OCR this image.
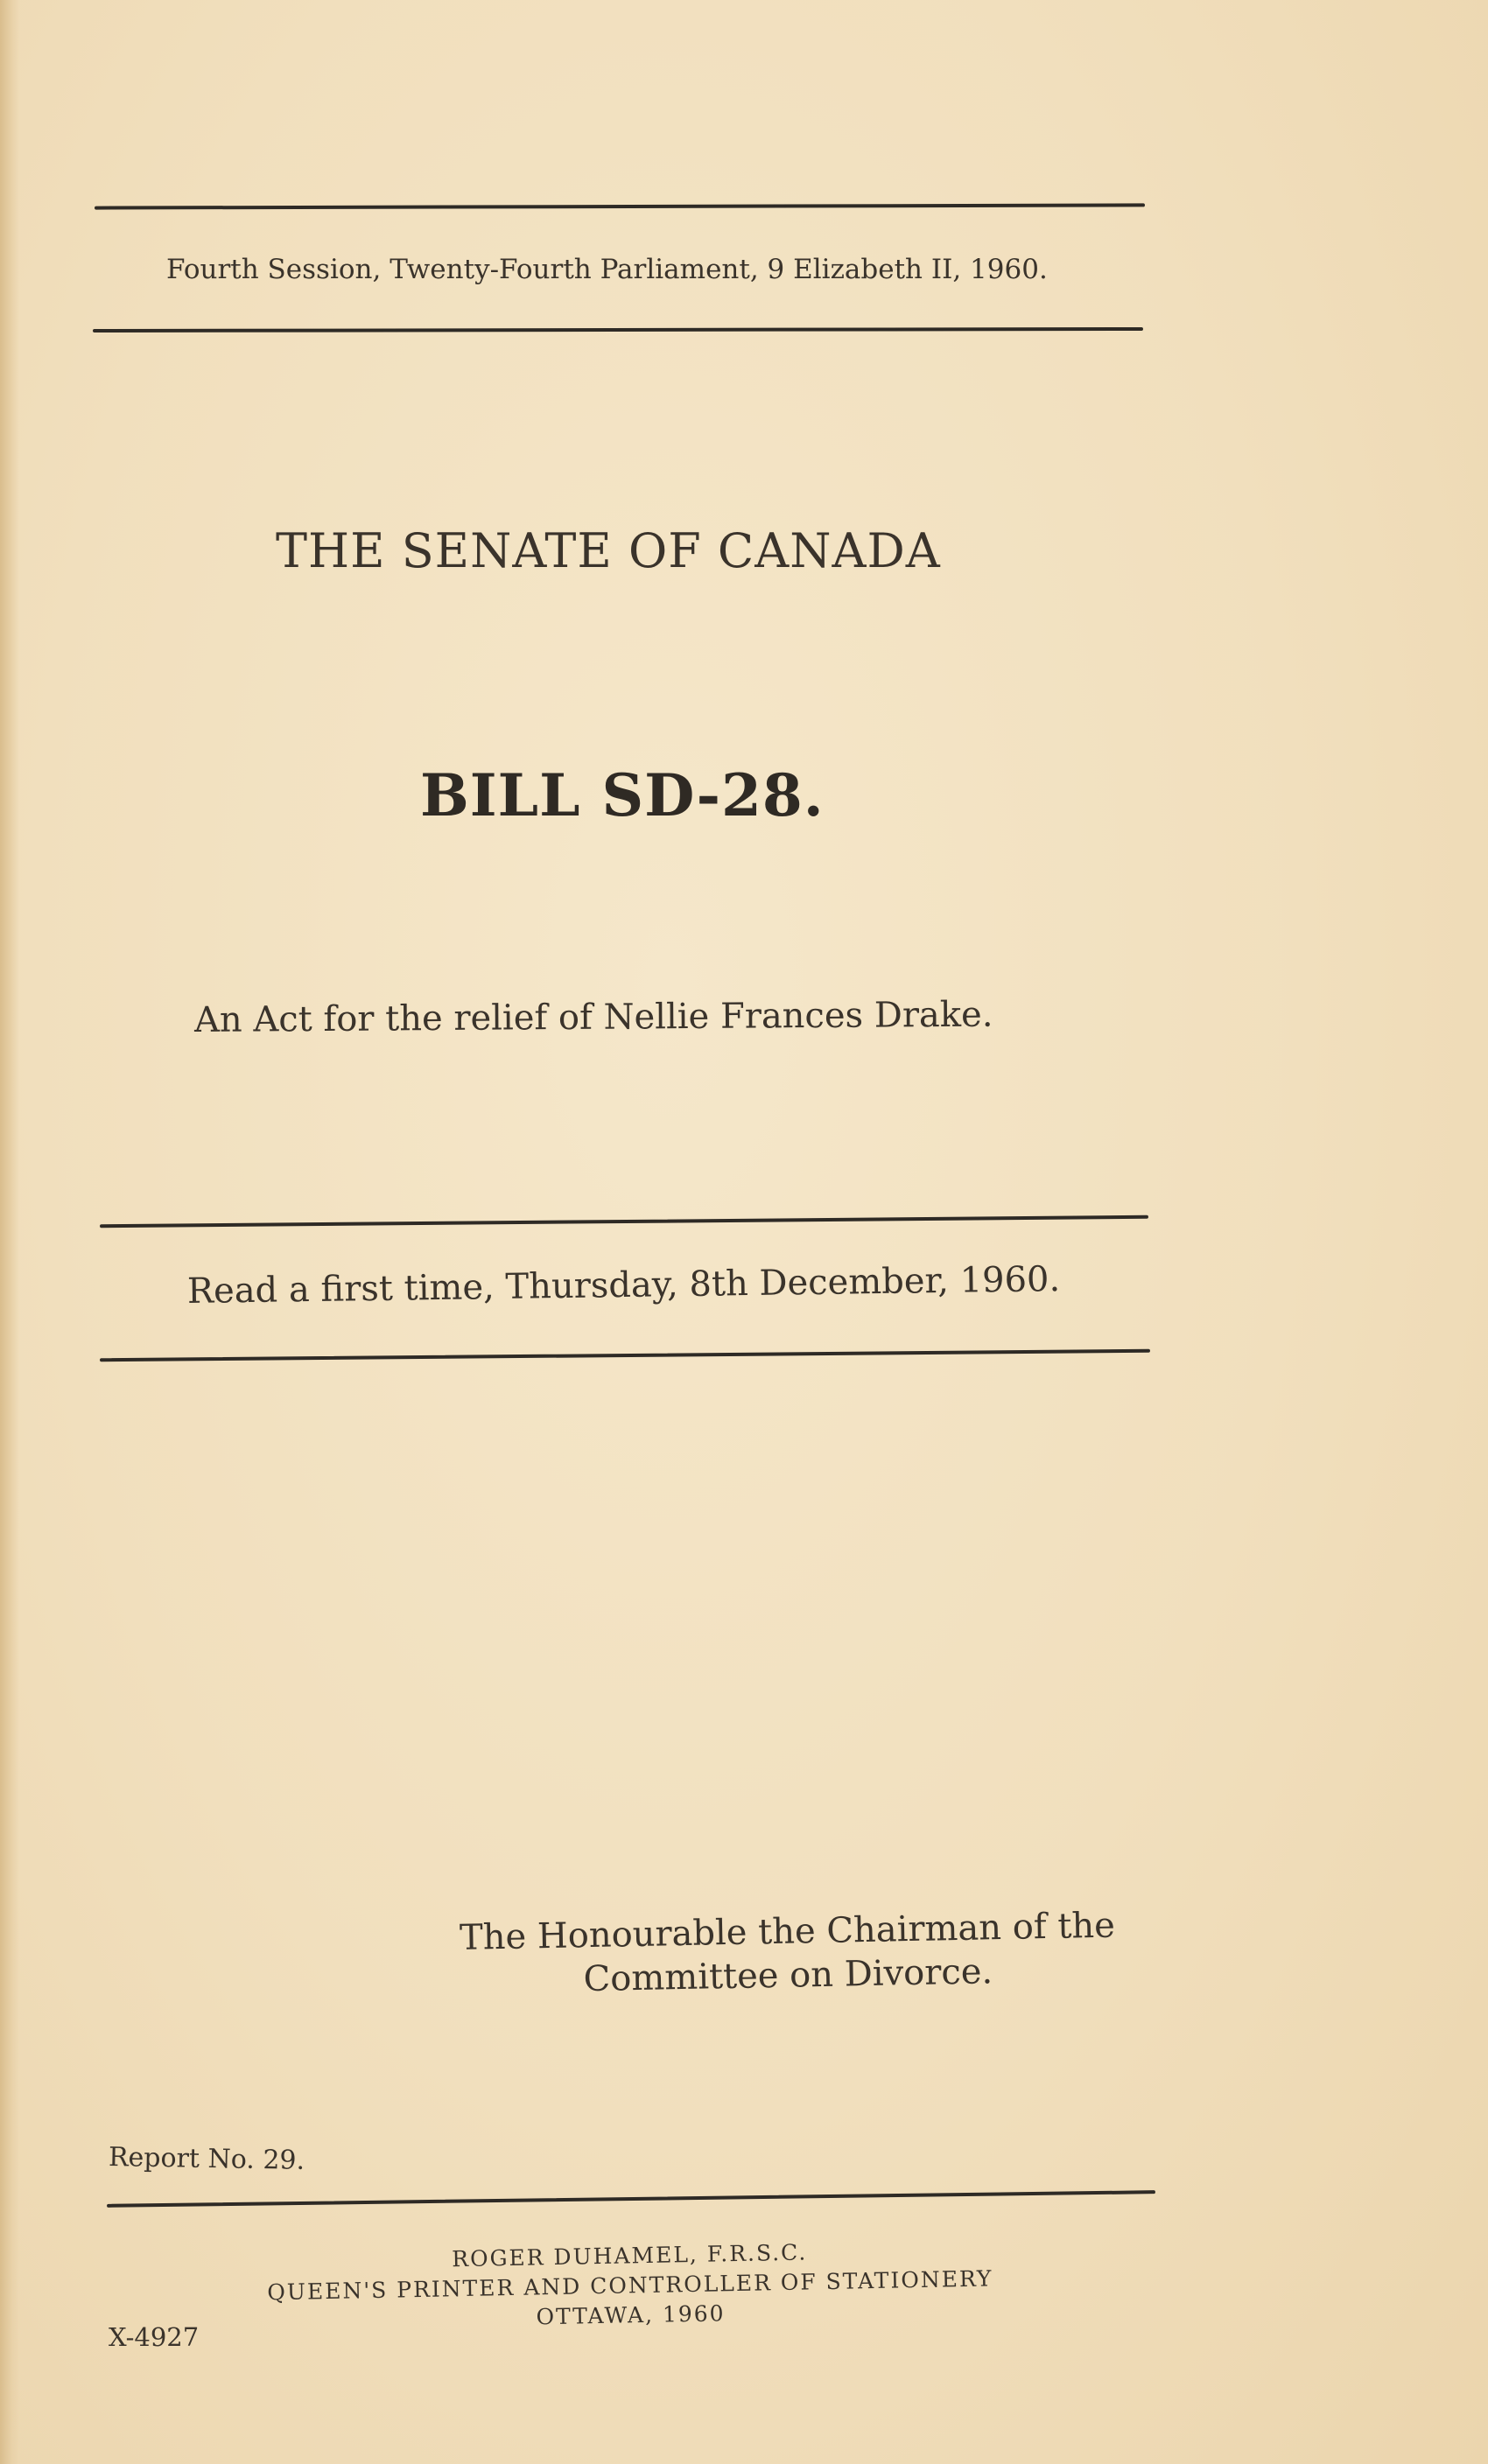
Fourth Session, Twenty-Fourth Parliament, 9 Elizabeth II, 1960.
THE SENATE OF CANADA
BILL SD-28.
An Act for the relief of Nellie Frances Drake.
Read a first time, Thursday, 8th December, 1960.
The Honourable the Chairman of the
Committee on Divorce.
Report No. 29.
ROGER DUHAMEL, F.R.S.C.
QUEEN'S PRINTER AND CONTROLLER OF STATIONERY
OTTAWA, 1960
X-4927
